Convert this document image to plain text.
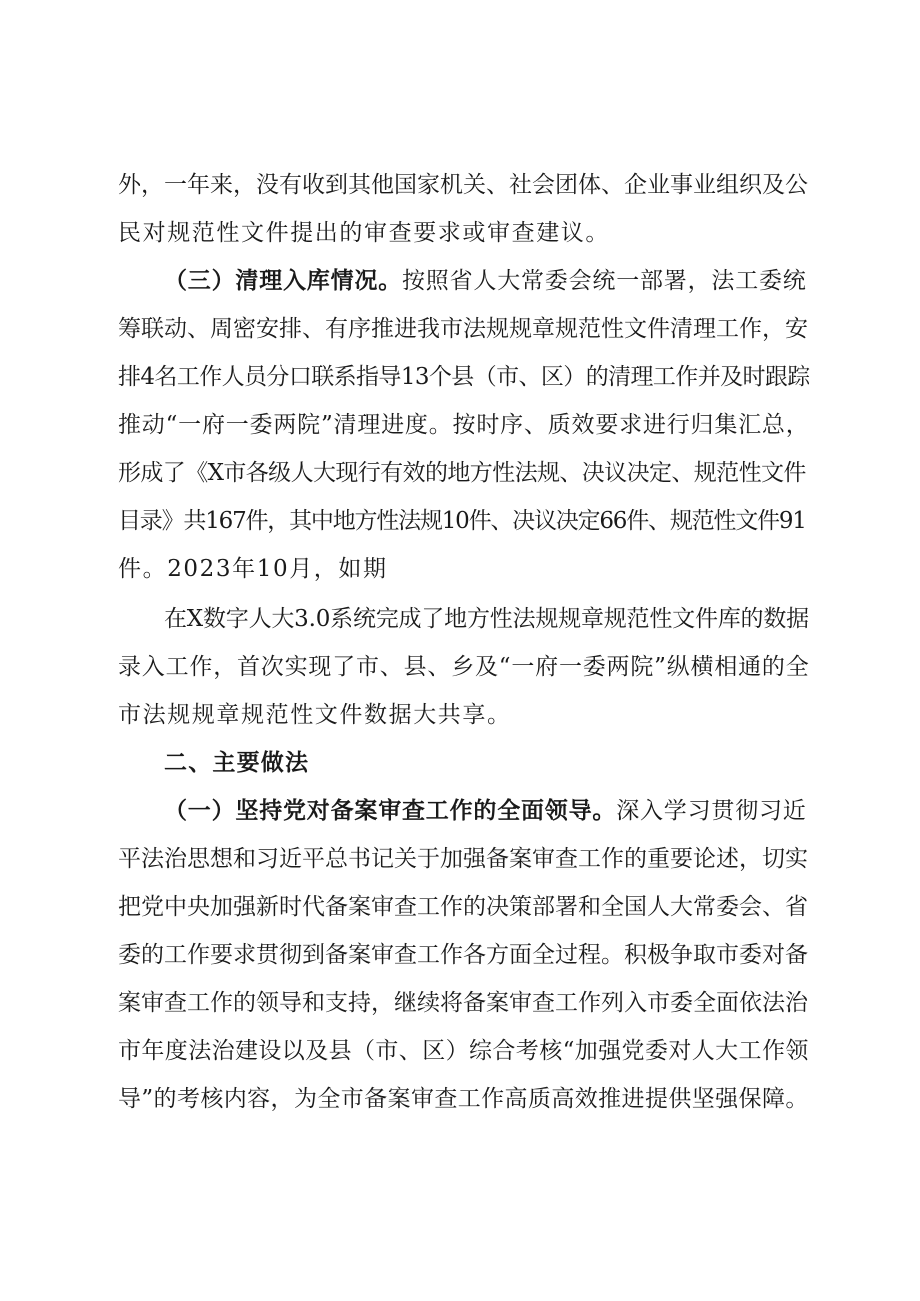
外，一年来，没有收到其他国家机关、社会团体、企业事业组织及公
民对规范性文件提出的审查要求或审查建议。
（三）清理入库情况。按照省人大常委会统一部署，法工委统
筹联动、周密安排、有序推进我市法规规章规范性文件清理工作，安
排4名工作人员分口联系指导13个县（市、区）的清理工作并及时跟踪
推动“一府一委两院”清理进度。按时序、质效要求进行归集汇总，
形成了《X市各级人大现行有效的地方性法规、决议决定、规范性文件
目录》共167件，其中地方性法规10件、决议决定66件、规范性文件91
件。2023年10月，如期
在X数字人大3.0系统完成了地方性法规规章规范性文件库的数据
录入工作，首次实现了市、县、乡及“一府一委两院”纵横相通的全
市法规规章规范性文件数据大共享。
二、主要做法
（一）坚持党对备案审查工作的全面领导。深入学习贯彻习近
平法治思想和习近平总书记关于加强备案审查工作的重要论述，切实
把党中央加强新时代备案审查工作的决策部署和全国人大常委会、省
委的工作要求贯彻到备案审查工作各方面全过程。积极争取市委对备
案审查工作的领导和支持，继续将备案审查工作列入市委全面依法治
市年度法治建设以及县（市、区）综合考核“加强党委对人大工作领
导”的考核内容，为全市备案审查工作高质高效推进提供坚强保障。
